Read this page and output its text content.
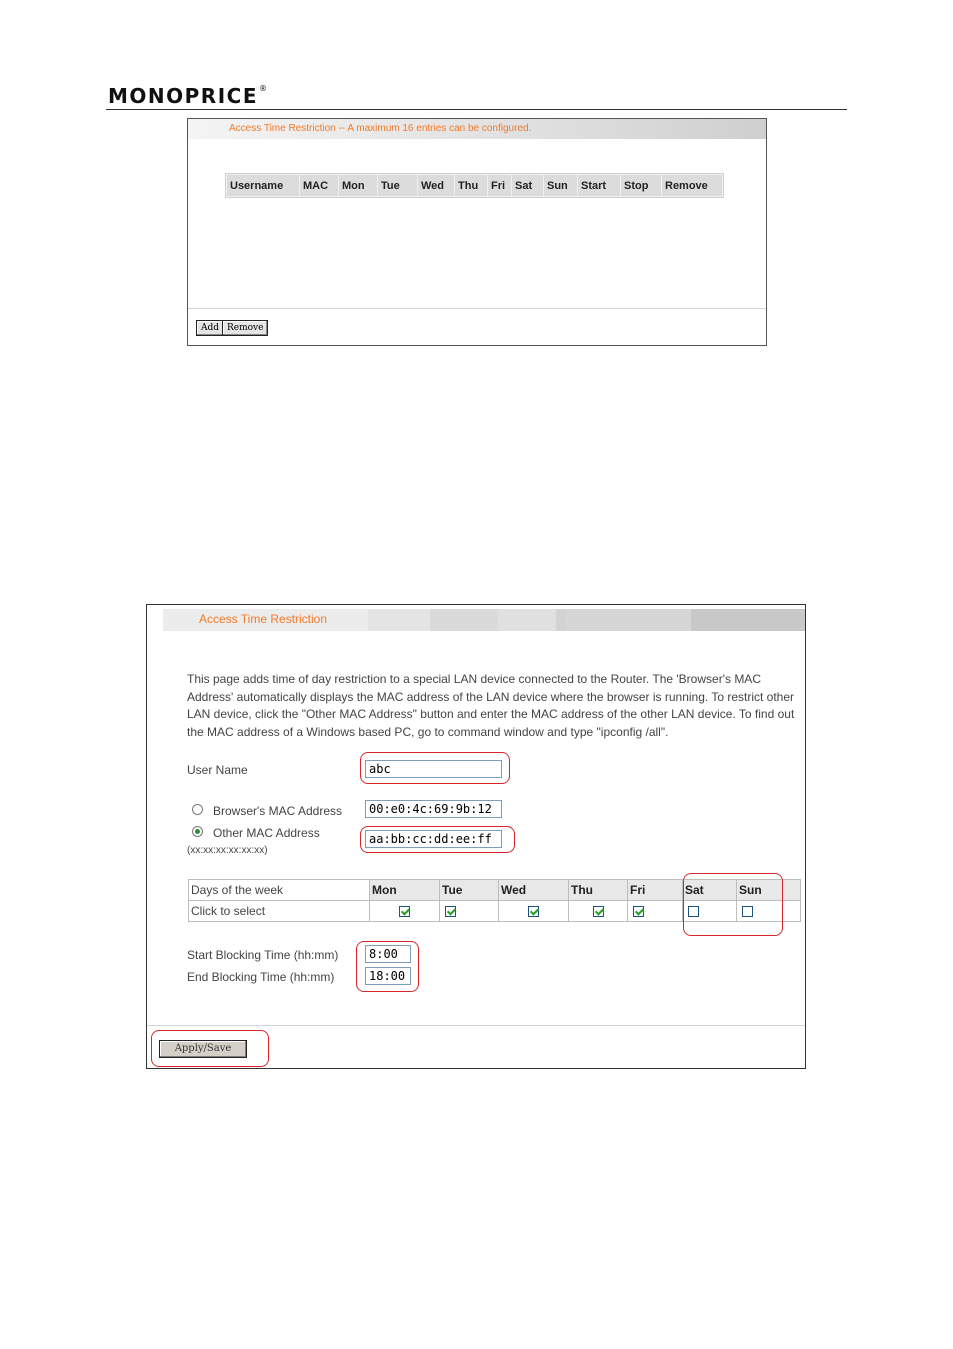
MONOPRICE®
Access Time Restriction -- A maximum 16 entries can be configured.
Username	MAC	Mon	Tue	Wed	Thu	Fri	Sat	Sun	Start	Stop	Remove
Add Remove
Access Time Restriction
This page adds time of day restriction to a special LAN device connected to the Router. The 'Browser's MAC Address' automatically displays the MAC address of the LAN device where the browser is running. To restrict other LAN device, click the "Other MAC Address" button and enter the MAC address of the other LAN device. To find out the MAC address of a Windows based PC, go to command window and type "ipconfig /all".
User Name	abc
Browser's MAC Address	00:e0:4c:69:9b:12
Other MAC Address	aa:bb:cc:dd:ee:ff
(xx:xx:xx:xx:xx:xx)
Days of the week	Mon	Tue	Wed	Thu	Fri	Sat	Sun
Click to select							
Start Blocking Time (hh:mm)	8:00
End Blocking Time (hh:mm)	18:00
Apply/Save
